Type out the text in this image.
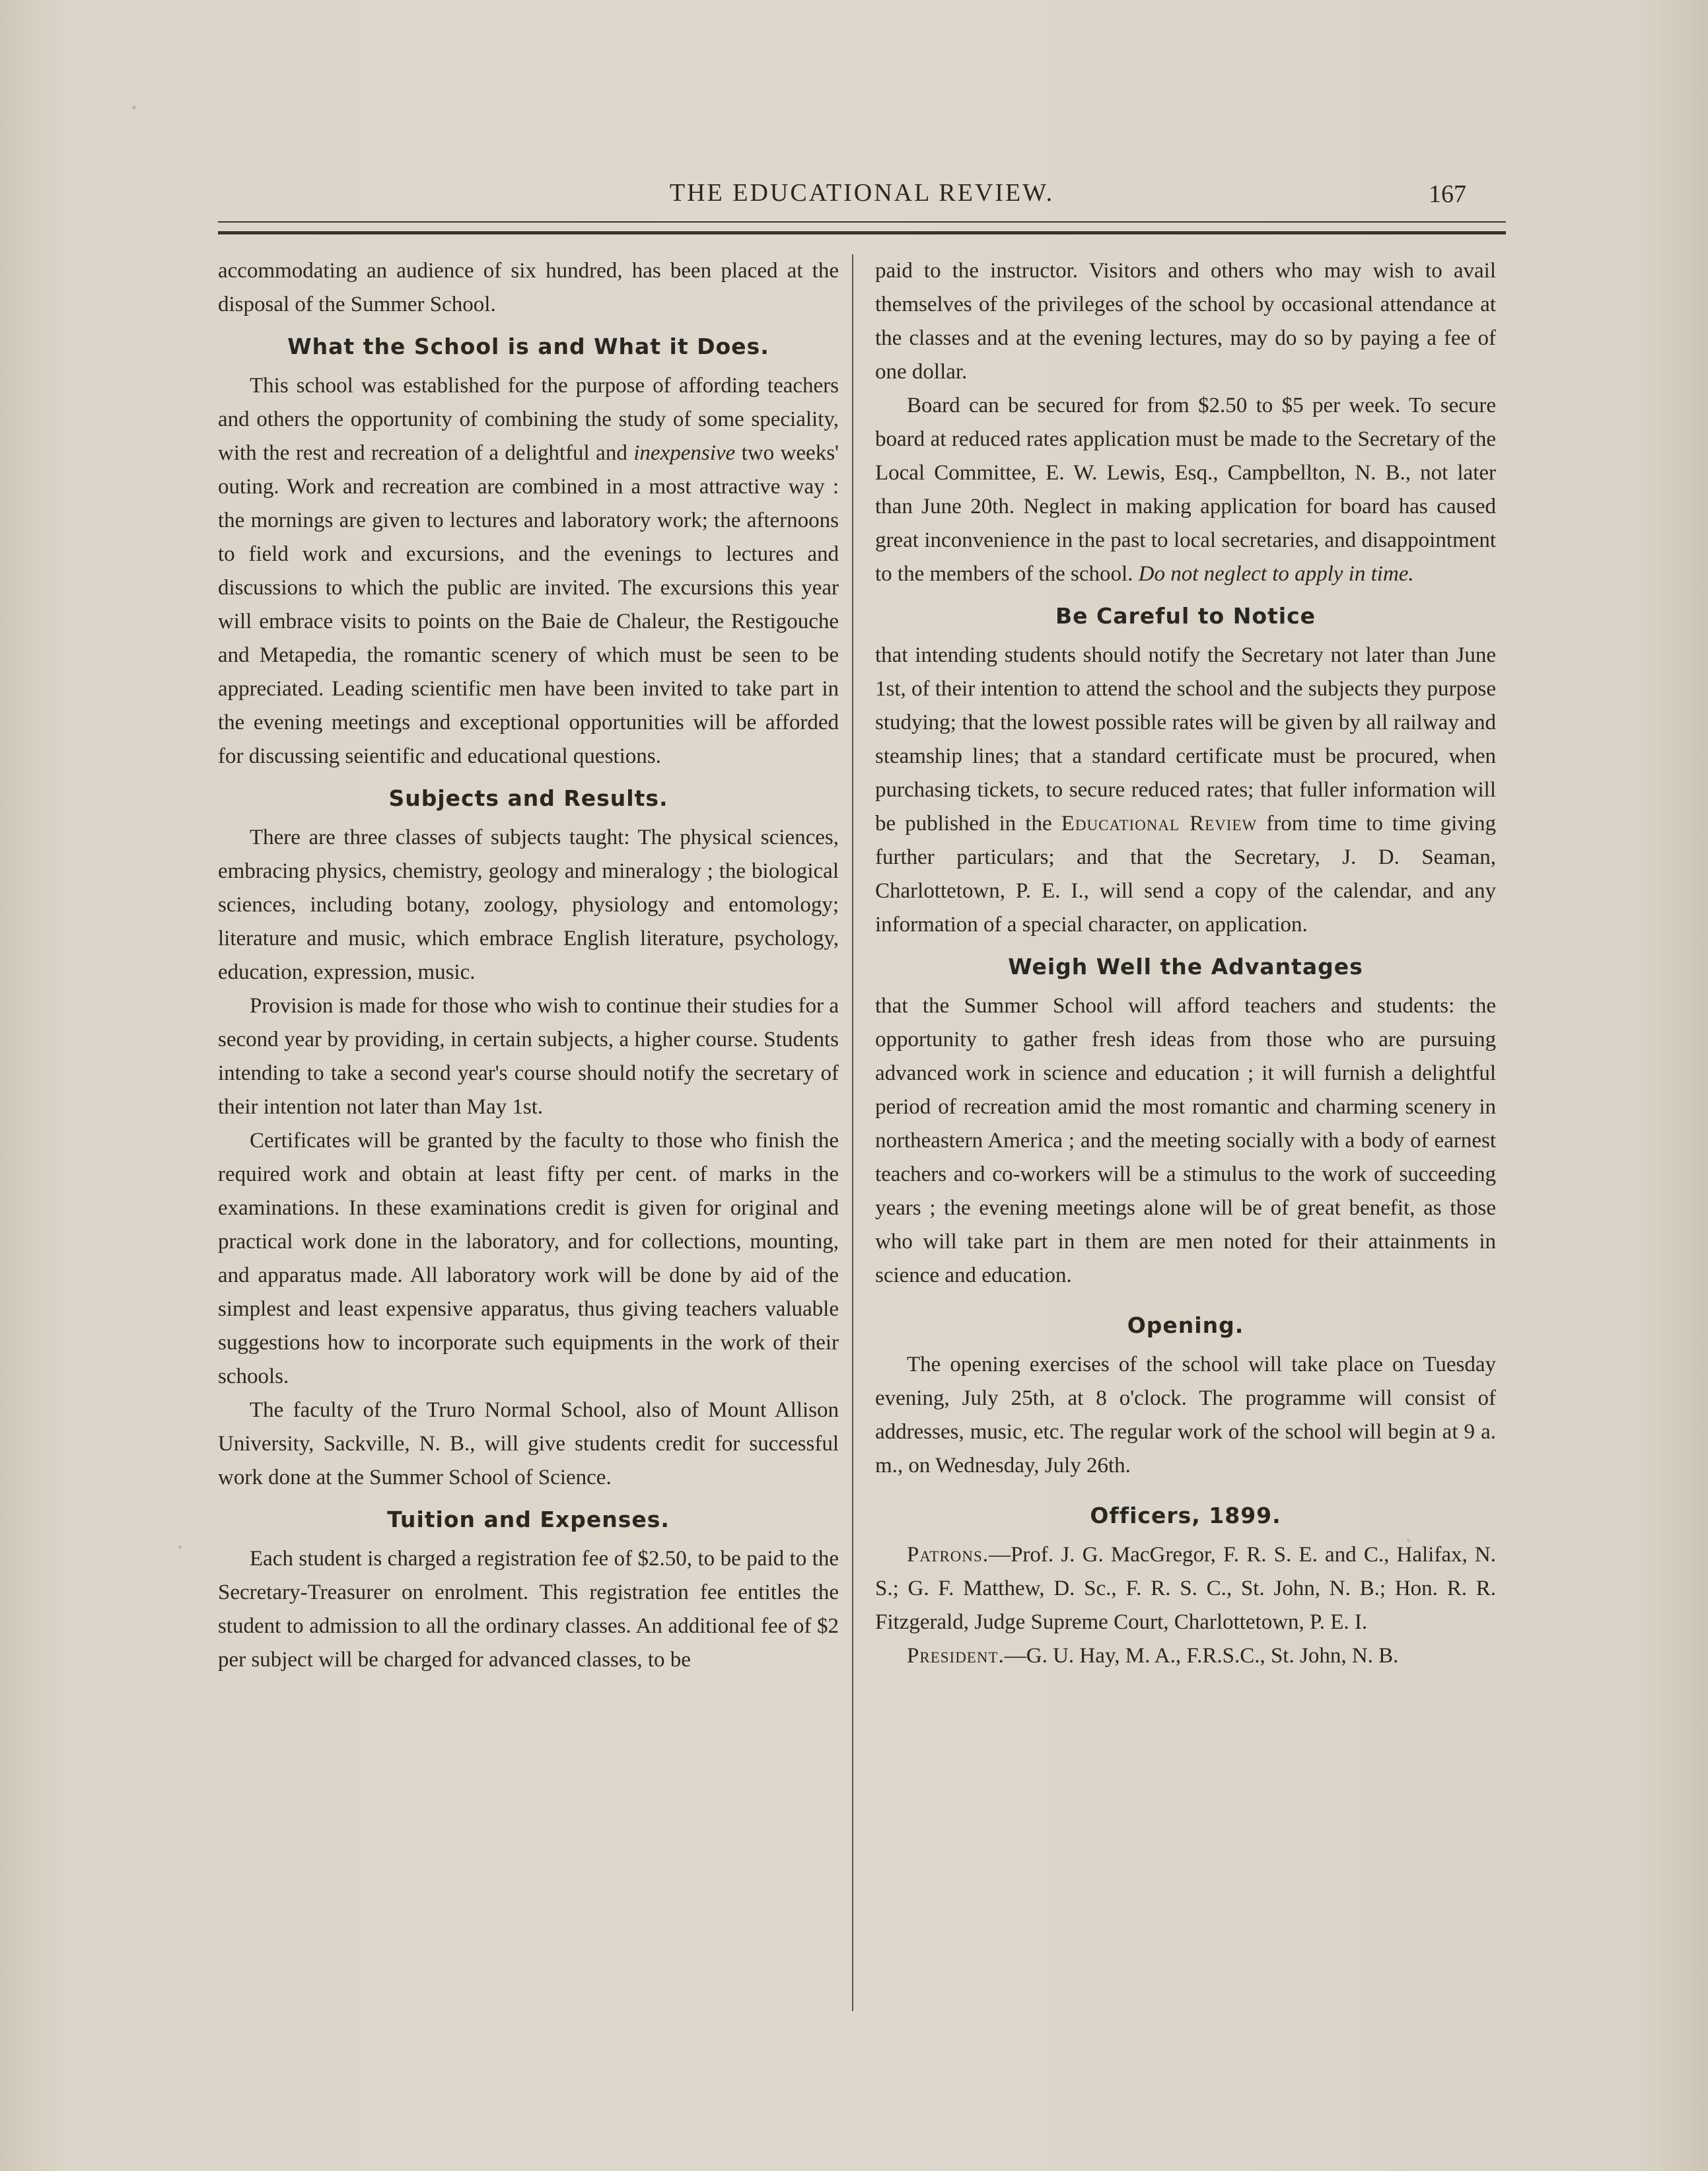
THE EDUCATIONAL REVIEW.	167

accommodating an audience of six hundred, has been placed at the disposal of the Summer School.

What the School is and What it Does.

This school was established for the purpose of affording teachers and others the opportunity of combining the study of some speciality, with the rest and recreation of a delightful and inexpensive two weeks' outing. Work and recreation are combined in a most attractive way : the mornings are given to lectures and laboratory work; the afternoons to field work and excursions, and the evenings to lectures and discussions to which the public are invited. The excursions this year will embrace visits to points on the Baie de Chaleur, the Restigouche and Metapedia, the romantic scenery of which must be seen to be appreciated. Leading scientific men have been invited to take part in the evening meetings and exceptional opportunities will be afforded for discussing seientific and educational questions.

Subjects and Results.

There are three classes of subjects taught: The physical sciences, embracing physics, chemistry, geology and mineralogy ; the biological sciences, including botany, zoology, physiology and entomology; literature and music, which embrace English literature, psychology, education, expression, music.

Provision is made for those who wish to continue their studies for a second year by providing, in certain subjects, a higher course. Students intending to take a second year's course should notify the secretary of their intention not later than May 1st.

Certificates will be granted by the faculty to those who finish the required work and obtain at least fifty per cent. of marks in the examinations. In these examinations credit is given for original and practical work done in the laboratory, and for collections, mounting, and apparatus made. All laboratory work will be done by aid of the simplest and least expensive apparatus, thus giving teachers valuable suggestions how to incorporate such equipments in the work of their schools.

The faculty of the Truro Normal School, also of Mount Allison University, Sackville, N. B., will give students credit for successful work done at the Summer School of Science.

Tuition and Expenses.

Each student is charged a registration fee of $2.50, to be paid to the Secretary-Treasurer on enrolment. This registration fee entitles the student to admission to all the ordinary classes. An additional fee of $2 per subject will be charged for advanced classes, to be

paid to the instructor. Visitors and others who may wish to avail themselves of the privileges of the school by occasional attendance at the classes and at the evening lectures, may do so by paying a fee of one dollar.

Board can be secured for from $2.50 to $5 per week. To secure board at reduced rates application must be made to the Secretary of the Local Committee, E. W. Lewis, Esq., Campbellton, N. B., not later than June 20th. Neglect in making application for board has caused great inconvenience in the past to local secretaries, and disappointment to the members of the school. Do not neglect to apply in time.

Be Careful to Notice

that intending students should notify the Secretary not later than June 1st, of their intention to attend the school and the subjects they purpose studying; that the lowest possible rates will be given by all railway and steamship lines; that a standard certificate must be procured, when purchasing tickets, to secure reduced rates; that fuller information will be published in the Educational Review from time to time giving further particulars; and that the Secretary, J. D. Seaman, Charlottetown, P. E. I., will send a copy of the calendar, and any information of a special character, on application.

Weigh Well the Advantages

that the Summer School will afford teachers and students: the opportunity to gather fresh ideas from those who are pursuing advanced work in science and education ; it will furnish a delightful period of recreation amid the most romantic and charming scenery in northeastern America ; and the meeting socially with a body of earnest teachers and co-workers will be a stimulus to the work of succeeding years ; the evening meetings alone will be of great benefit, as those who will take part in them are men noted for their attainments in science and education.

Opening.

The opening exercises of the school will take place on Tuesday evening, July 25th, at 8 o'clock. The programme will consist of addresses, music, etc. The regular work of the school will begin at 9 a. m., on Wednesday, July 26th.

Officers, 1899.

Patrons.—Prof. J. G. MacGregor, F. R. S. E. and C., Halifax, N. S.; G. F. Matthew, D. Sc., F. R. S. C., St. John, N. B.; Hon. R. R. Fitzgerald, Judge Supreme Court, Charlottetown, P. E. I.

President.—G. U. Hay, M. A., F.R.S.C., St. John, N. B.
